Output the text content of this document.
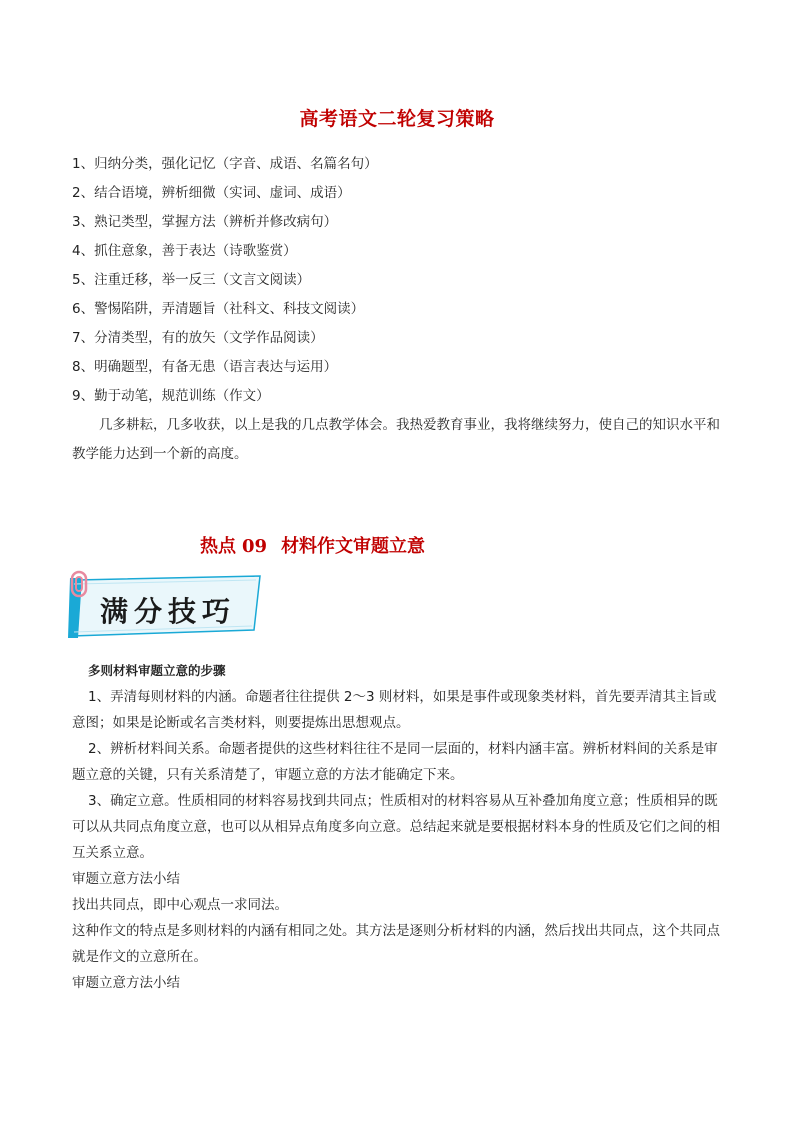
高考语文二轮复习策略
1、归纳分类，强化记忆（字音、成语、名篇名句）
2、结合语境，辨析细微（实词、虚词、成语）
3、熟记类型，掌握方法（辨析并修改病句）
4、抓住意象，善于表达（诗歌鉴赏）
5、注重迁移，举一反三（文言文阅读）
6、警惕陷阱，弄清题旨（社科文、科技文阅读）
7、分清类型，有的放矢（文学作品阅读）
8、明确题型，有备无患（语言表达与运用）
9、勤于动笔，规范训练（作文）

几多耕耘，几多收获，以上是我的几点教学体会。我热爱教育事业，我将继续努力，使自己的知识水平和教学能力达到一个新的高度。

热点 09 材料作文审题立意
满分技巧
多则材料审题立意的步骤

1、弄清每则材料的内涵。命题者往往提供 2～3 则材料，如果是事件或现象类材料，首先要弄清其主旨或意图；如果是论断或名言类材料，则要提炼出思想观点。

2、辨析材料间关系。命题者提供的这些材料往往不是同一层面的，材料内涵丰富。辨析材料间的关系是审题立意的关键，只有关系清楚了，审题立意的方法才能确定下来。

3、确定立意。性质相同的材料容易找到共同点；性质相对的材料容易从互补叠加角度立意；性质相异的既可以从共同点角度立意，也可以从相异点角度多向立意。总结起来就是要根据材料本身的性质及它们之间的相互关系立意。

审题立意方法小结

找出共同点，即中心观点一求同法。

这种作文的特点是多则材料的内涵有相同之处。其方法是逐则分析材料的内涵，然后找出共同点，这个共同点就是作文的立意所在。

审题立意方法小结
